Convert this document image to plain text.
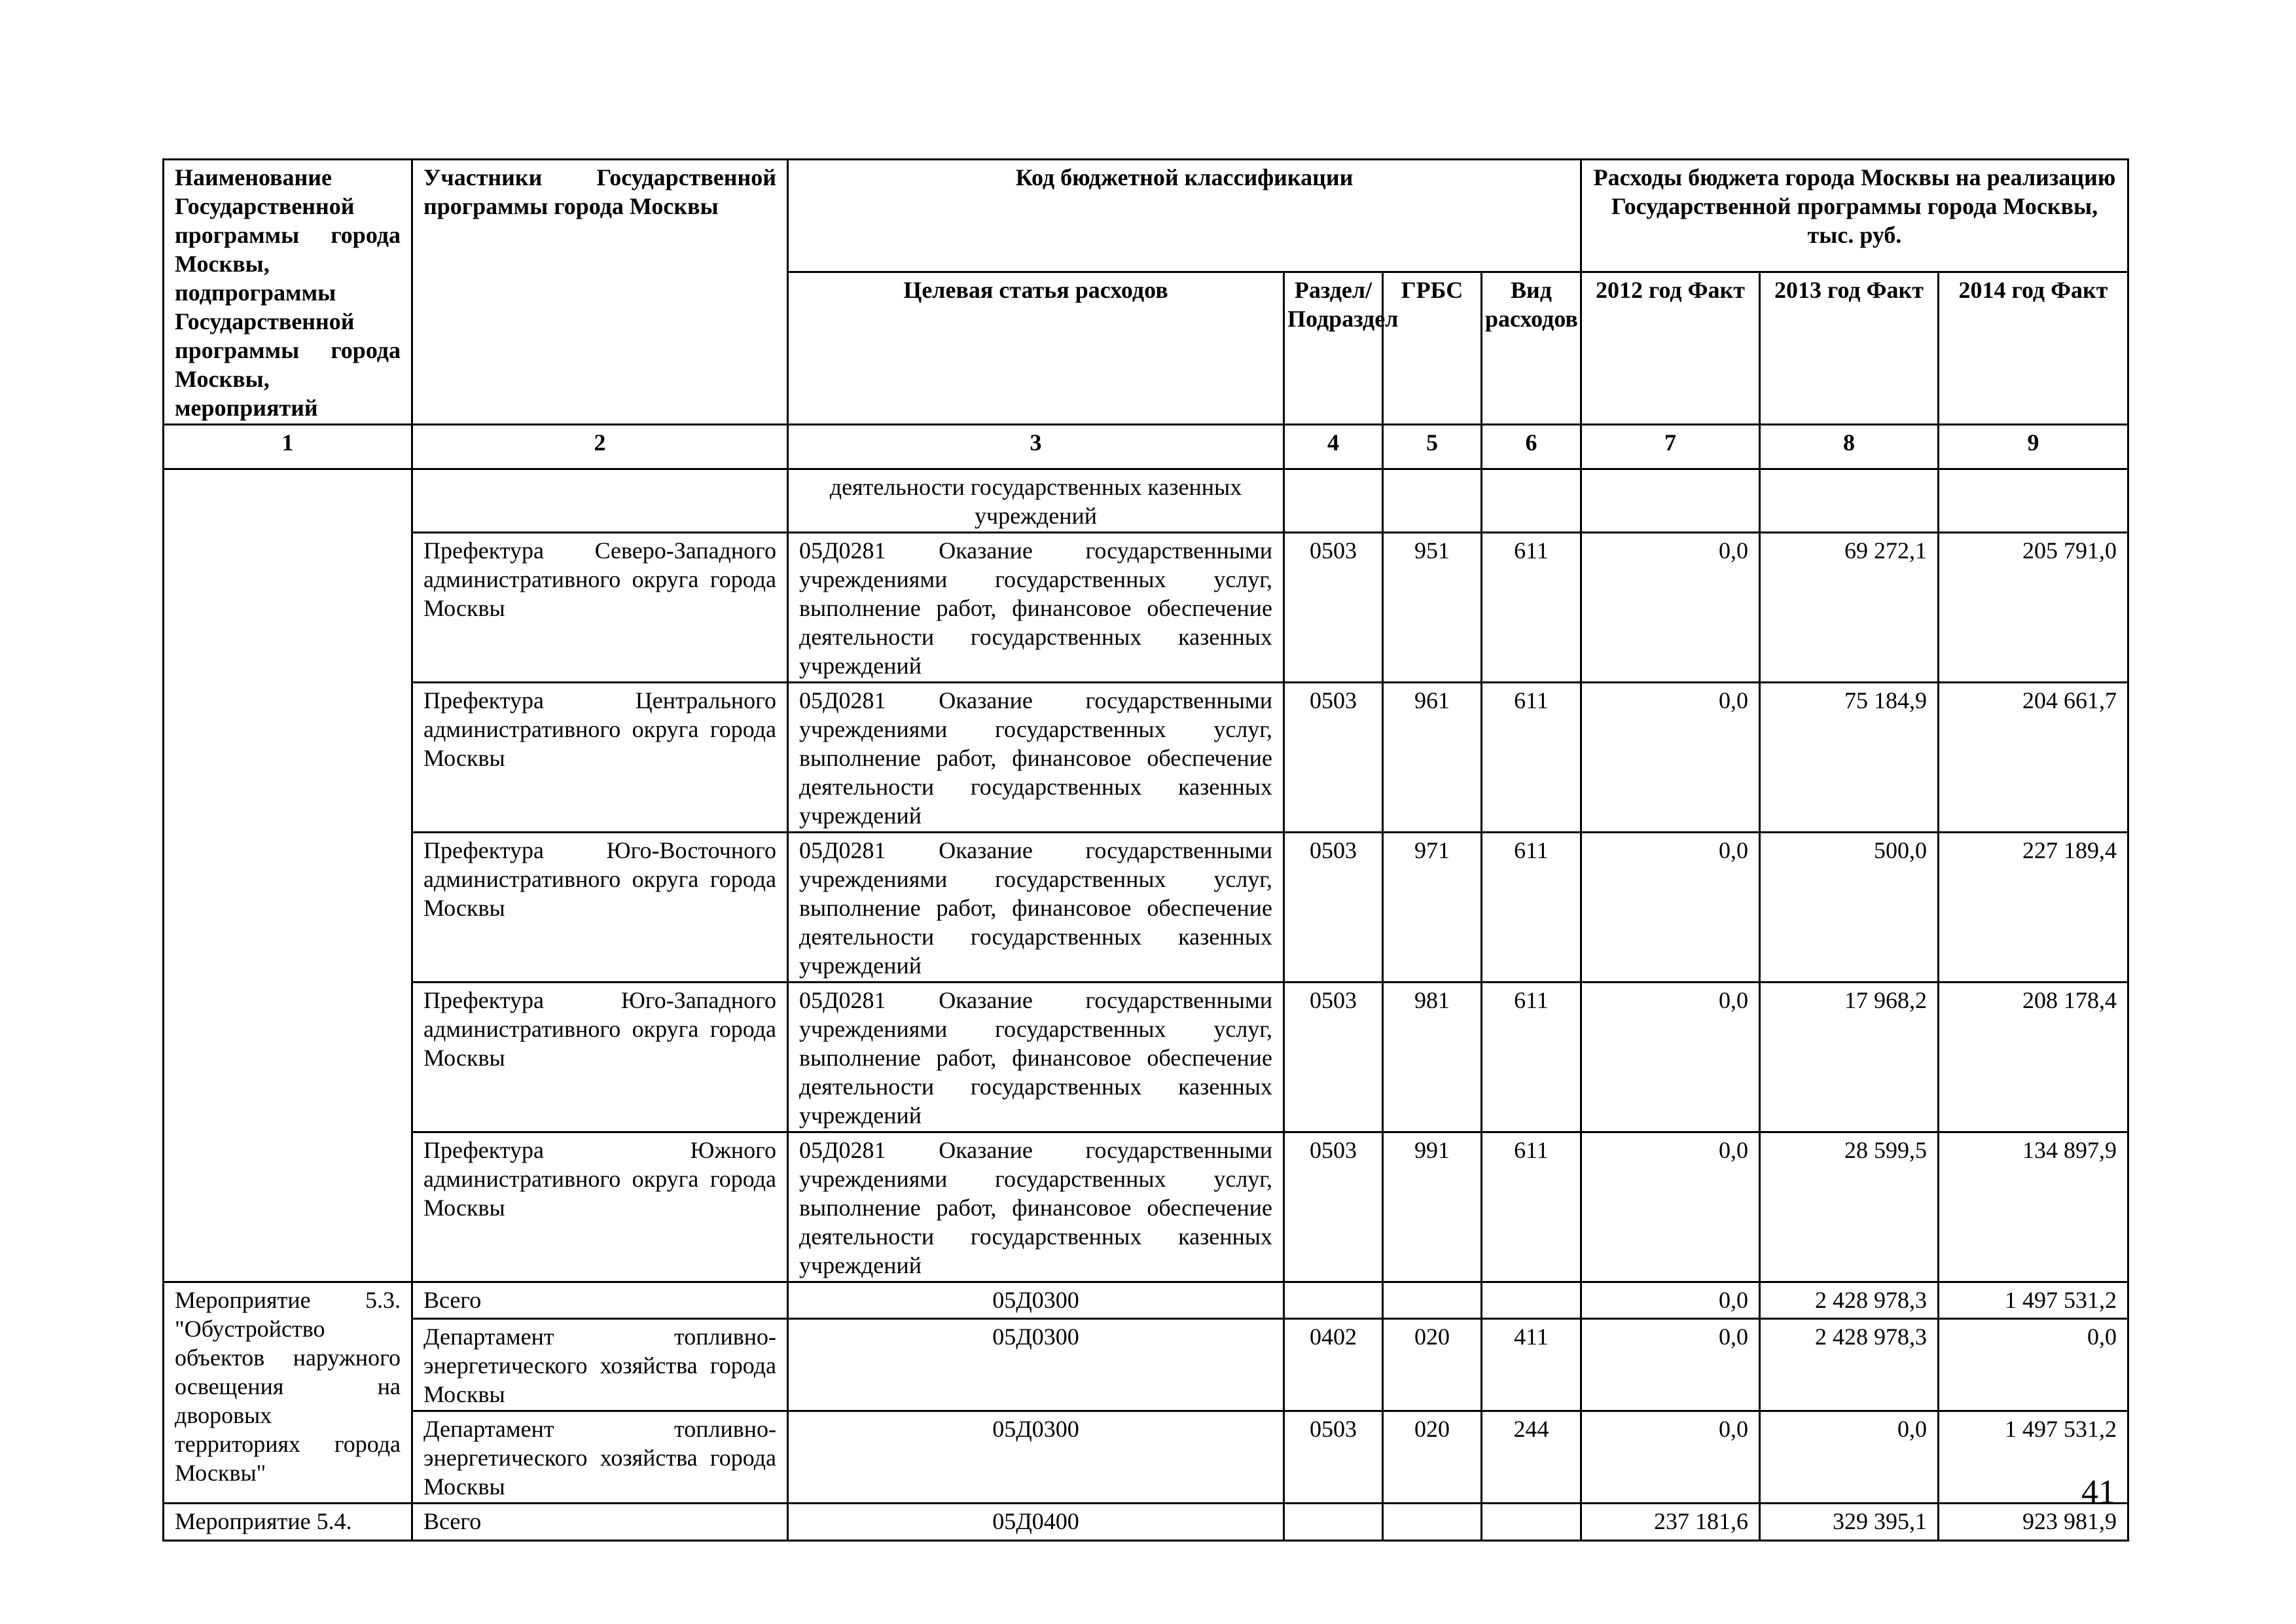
Наименование Государственной программы города Москвы, подпрограммы Государственной программы города Москвы, мероприятий	Участники Государственной программы города Москвы	Код бюджетной классификации				Расходы бюджета города Москвы на реализацию Государственной программы города Москвы, тыс. руб.		
		Целевая статья расходов	Раздел/ Подраздел	ГРБС	Вид расходов	2012 год Факт	2013 год Факт	2014 год Факт
1	2	3	4	5	6	7	8	9
		деятельности государственных казенных учреждений						
	Префектура Северо-Западного административного округа города Москвы	05Д0281 Оказание государственными учреждениями государственных услуг, выполнение работ, финансовое обеспечение деятельности государственных казенных учреждений	0503	951	611	0,0	69 272,1	205 791,0
	Префектура Центрального административного округа города Москвы	05Д0281 Оказание государственными учреждениями государственных услуг, выполнение работ, финансовое обеспечение деятельности государственных казенных учреждений	0503	961	611	0,0	75 184,9	204 661,7
	Префектура Юго-Восточного административного округа города Москвы	05Д0281 Оказание государственными учреждениями государственных услуг, выполнение работ, финансовое обеспечение деятельности государственных казенных учреждений	0503	971	611	0,0	500,0	227 189,4
	Префектура Юго-Западного административного округа города Москвы	05Д0281 Оказание государственными учреждениями государственных услуг, выполнение работ, финансовое обеспечение деятельности государственных казенных учреждений	0503	981	611	0,0	17 968,2	208 178,4
	Префектура Южного административного округа города Москвы	05Д0281 Оказание государственными учреждениями государственных услуг, выполнение работ, финансовое обеспечение деятельности государственных казенных учреждений	0503	991	611	0,0	28 599,5	134 897,9
Мероприятие 5.3. "Обустройство объектов наружного освещения на дворовых территориях города Москвы"	Всего	05Д0300				0,0	2 428 978,3	1 497 531,2
	Департамент топливно-энергетического хозяйства города Москвы	05Д0300	0402	020	411	0,0	2 428 978,3	0,0
	Департамент топливно-энергетического хозяйства города Москвы	05Д0300	0503	020	244	0,0	0,0	1 497 531,2
Мероприятие 5.4.	Всего	05Д0400				237 181,6	329 395,1	923 981,9
41
